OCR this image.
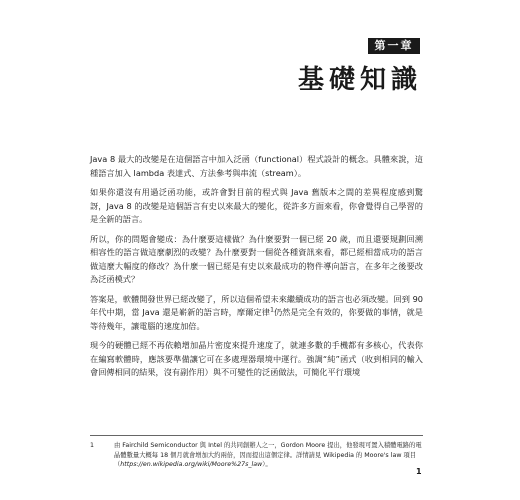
第一章
基礎知識

Java 8 最大的改變是在這個語言中加入泛函（functional）程式設計的概念。具體來說，這種語言加入 lambda 表達式、方法參考與串流（stream）。

如果你還沒有用過泛函功能，或許會對目前的程式與 Java 舊版本之間的差異程度感到驚訝，Java 8 的改變是這個語言有史以來最大的變化，從許多方面來看，你會覺得自己學習的是全新的語言。

所以，你的問題會變成：為什麼要這樣做？為什麼要對一個已經 20 歲，而且還要規劃回溯相容性的語言做這麼劇烈的改變？為什麼要對一個從各種資訊來看，都已經相當成功的語言做這麼大幅度的修改？為什麼一個已經是有史以來最成功的物件導向語言，在多年之後要改為泛函模式？

答案是，軟體開發世界已經改變了，所以這個希望未來繼續成功的語言也必須改變。回到 90 年代中期，當 Java 還是嶄新的語言時，摩爾定律$^1$仍然是完全有效的，你要做的事情，就是等待幾年，讓電腦的速度加倍。

現今的硬體已經不再依賴增加晶片密度來提升速度了，就連多數的手機都有多核心，代表你在編寫軟體時，應該要準備讓它可在多處理器環境中運行。強調“純”函式（收到相同的輸入會回傳相同的結果，沒有副作用）與不可變性的泛函做法，可簡化平行環境

1	由 Fairchild Semiconductor 與 Intel 的共同創辦人之一，Gordon Moore 提出，他發現可置入積體電路的電晶體數量大概每 18 個月就會增加大約兩倍，因而提出這個定律。詳情請見 Wikipedia 的 Moore's law 項目（https://en.wikipedia.org/wiki/Moore%27s_law）。
1
